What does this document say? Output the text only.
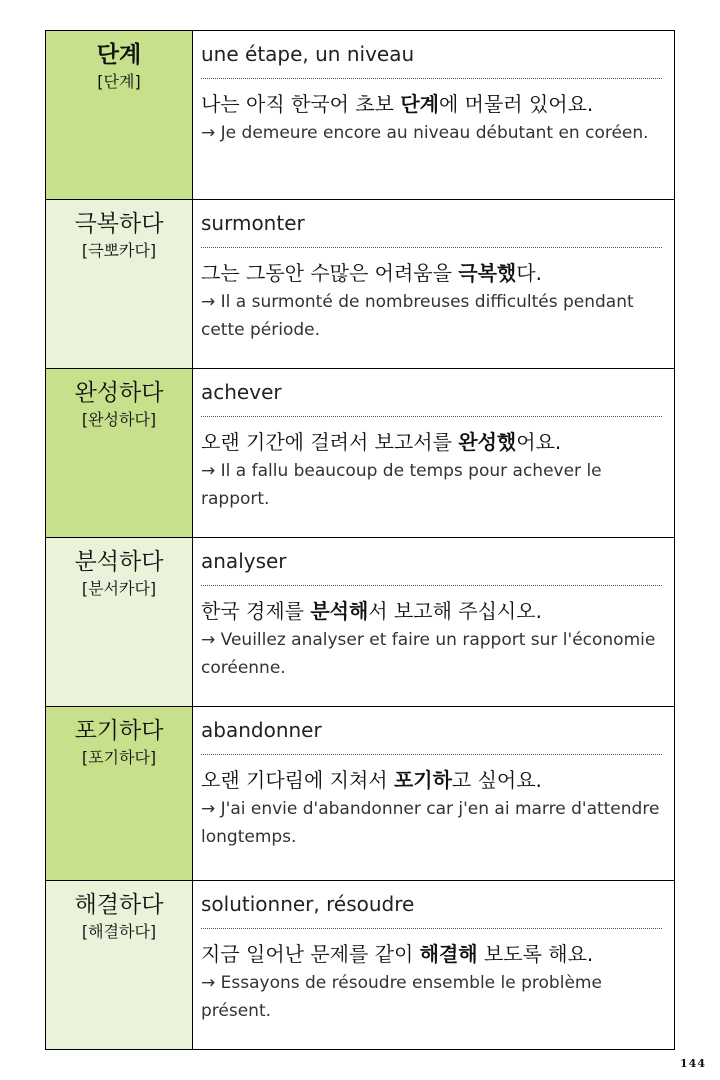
단계
[단계]
une étape, un niveau
나는 아직 한국어 초보 단계에 머물러 있어요.
→ Je demeure encore au niveau débutant en coréen.
극복하다
[극뽀카다]
surmonter
그는 그동안 수많은 어려움을 극복했다.
→ Il a surmonté de nombreuses difficultés pendant cette période.
완성하다
[완성하다]
achever
오랜 기간에 걸려서 보고서를 완성했어요.
→ Il a fallu beaucoup de temps pour achever le rapport.
분석하다
[분서카다]
analyser
한국 경제를 분석해서 보고해 주십시오.
→ Veuillez analyser et faire un rapport sur l'économie coréenne.
포기하다
[포기하다]
abandonner
오랜 기다림에 지쳐서 포기하고 싶어요.
→ J'ai envie d'abandonner car j'en ai marre d'attendre longtemps.
해결하다
[해결하다]
solutionner, résoudre
지금 일어난 문제를 같이 해결해 보도록 해요.
→ Essayons de résoudre ensemble le problème présent.
144
